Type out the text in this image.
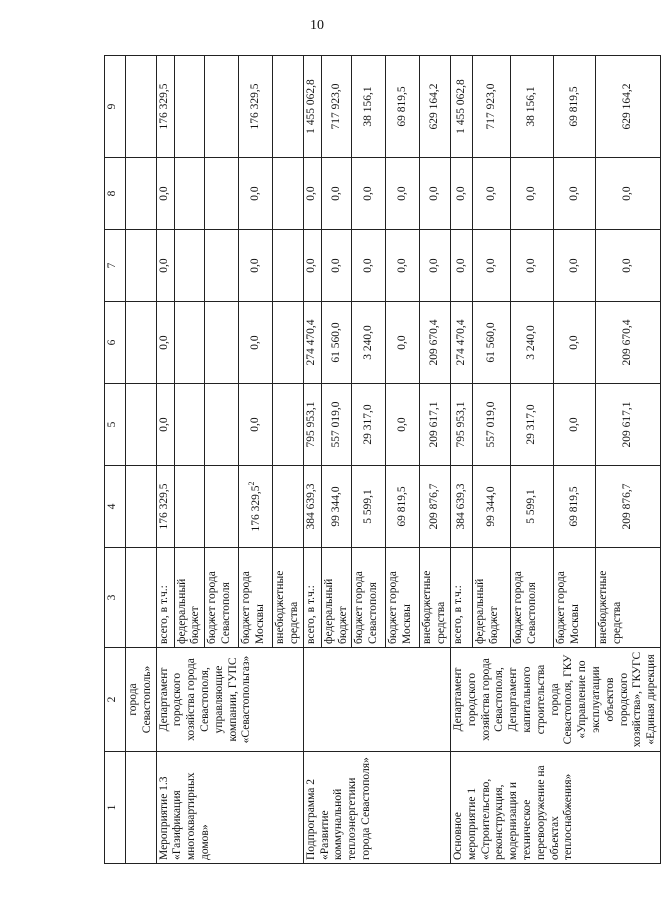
10
1	2	3	4	5	6	7	8	9
	города Севастополь»							
Мероприятие 1.3 «Газификация многоквартирных домов»	Департамент городского хозяйства города Севастополя, управляющие компании, ГУПС «Севастопольгаз»	всего, в т.ч.:	176 329,5	0,0	0,0	0,0	0,0	176 329,5
		федеральный бюджет						
		бюджет города Севастополя						
		бюджет города Москвы	176 329,5$^2$	0,0	0,0	0,0	0,0	176 329,5
		внебюджетные средства						
Подпрограмма 2 «Развитие коммунальной теплоэнергетики города Севастополя»		всего, в т.ч.:	384 639,3	795 953,1	274 470,4	0,0	0,0	1 455 062,8
		федеральный бюджет	99 344,0	557 019,0	61 560,0	0,0	0,0	717 923,0
		бюджет города Севастополя	5 599,1	29 317,0	3 240,0	0,0	0,0	38 156,1
		бюджет города Москвы	69 819,5	0,0	0,0	0,0	0,0	69 819,5
		внебюджетные средства	209 876,7	209 617,1	209 670,4	0,0	0,0	629 164,2
Основное мероприятие 1 «Строительство, реконструкция, модернизация и техническое перевооружение на объектах теплоснабжения»	Департамент городского хозяйства города Севастополя, Департамент капитального строительства города Севастополя, ГКУ «Управление по эксплуатации объектов городского хозяйства», ГКУГС «Единая дирекция	всего, в т.ч.:	384 639,3	795 953,1	274 470,4	0,0	0,0	1 455 062,8
		федеральный бюджет	99 344,0	557 019,0	61 560,0	0,0	0,0	717 923,0
		бюджет города Севастополя	5 599,1	29 317,0	3 240,0	0,0	0,0	38 156,1
		бюджет города Москвы	69 819,5	0,0	0,0	0,0	0,0	69 819,5
		внебюджетные средства	209 876,7	209 617,1	209 670,4	0,0	0,0	629 164,2
